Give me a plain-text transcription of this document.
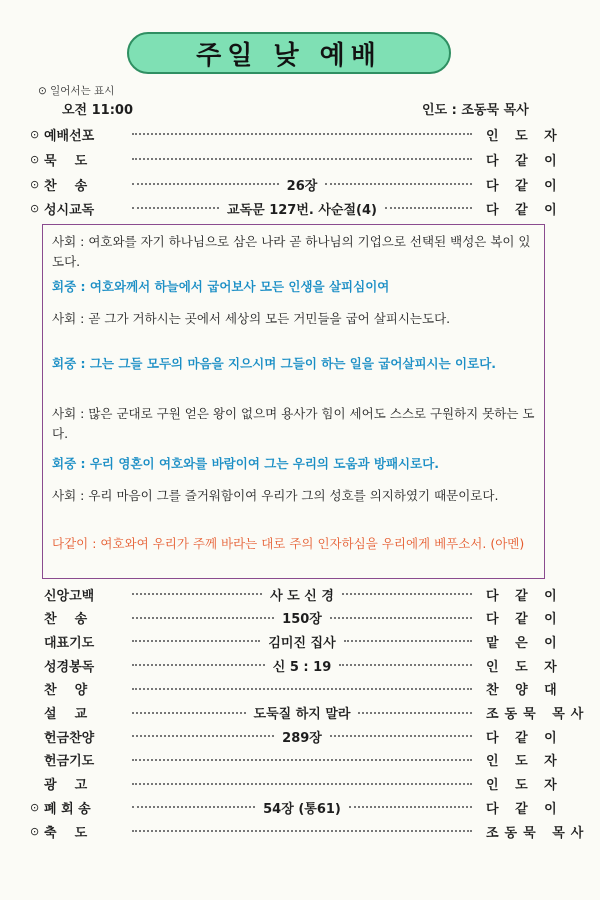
주일 낮 예배
⊙ 일어서는 표시
오전 11:00	인도 : 조동묵 목사
⊙ 예배선포	인 도 자
⊙ 묵    도	다 같 이
⊙ 찬    송	26장	다 같 이
⊙ 성시교독	교독문 127번. 사순절(4)	다 같 이
사회 : 여호와를 자기 하나님으로 삼은 나라 곧 하나님의 기업으로 선택된 백성은 복이 있도다.
회중 : 여호와께서 하늘에서 굽어보사 모든 인생을 살피심이여
사회 : 곧 그가 거하시는 곳에서 세상의 모든 거민들을 굽어 살피시는도다.
회중 : 그는 그들 모두의 마음을 지으시며 그들이 하는 일을 굽어살피시는 이로다.
사회 : 많은 군대로 구원 얻은 왕이 없으며 용사가 힘이 세어도 스스로 구원하지 못하는 도다.
회중 : 우리 영혼이 여호와를 바람이여 그는 우리의 도움과 방패시로다.
사회 : 우리 마음이 그를 즐거워함이여 우리가 그의 성호를 의지하였기 때문이로다.
다같이 : 여호와여 우리가 주께 바라는 대로 주의 인자하심을 우리에게 베푸소서. (아멘)
신앙고백	사 도 신 경	다 같 이
찬    송	150장	다 같 이
대표기도	김미진 집사	맡 은 이
성경봉독	신 5 : 19	인 도 자
찬    양	찬 양 대
설    교	도둑질 하지 말라	조동묵 목사
헌금찬양	289장	다 같 이
헌금기도	인 도 자
광    고	인 도 자
⊙ 폐 회 송	54장 (통61)	다 같 이
⊙ 축    도	조동묵 목사
